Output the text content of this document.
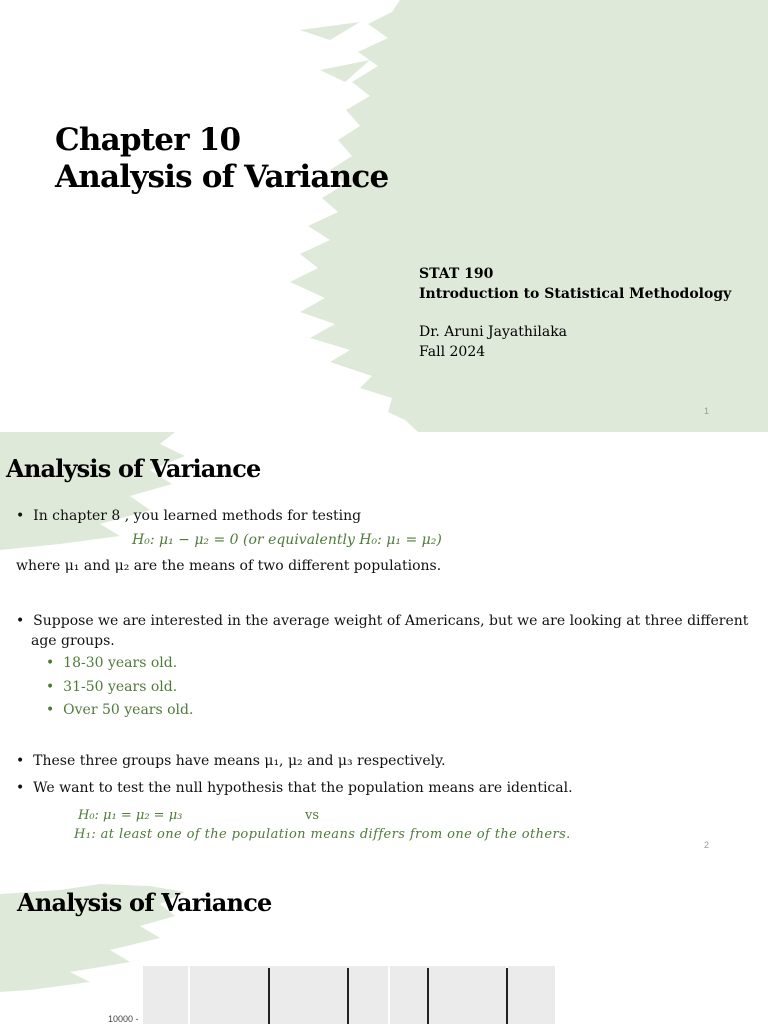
Chapter 10
Analysis of Variance
STAT 190
Introduction to Statistical Methodology
Dr. Aruni Jayathilaka
Fall 2024
1
Analysis of Variance
•  In chapter 8 , you learned methods for testing
H₀: μ₁ − μ₂ = 0 (or equivalently H₀: μ₁ = μ₂)
where μ₁ and μ₂ are the means of two different populations.
•  Suppose we are interested in the average weight of Americans, but we are looking at three different
age groups.
•  18-30 years old.
•  31-50 years old.
•  Over 50 years old.
•  These three groups have means μ₁, μ₂ and μ₃ respectively.
•  We want to test the null hypothesis that the population means are identical.
H₀: μ₁ = μ₂ = μ₃	vs
H₁: at least one of the population means differs from one of the others.
2
Analysis of Variance
10000 -
